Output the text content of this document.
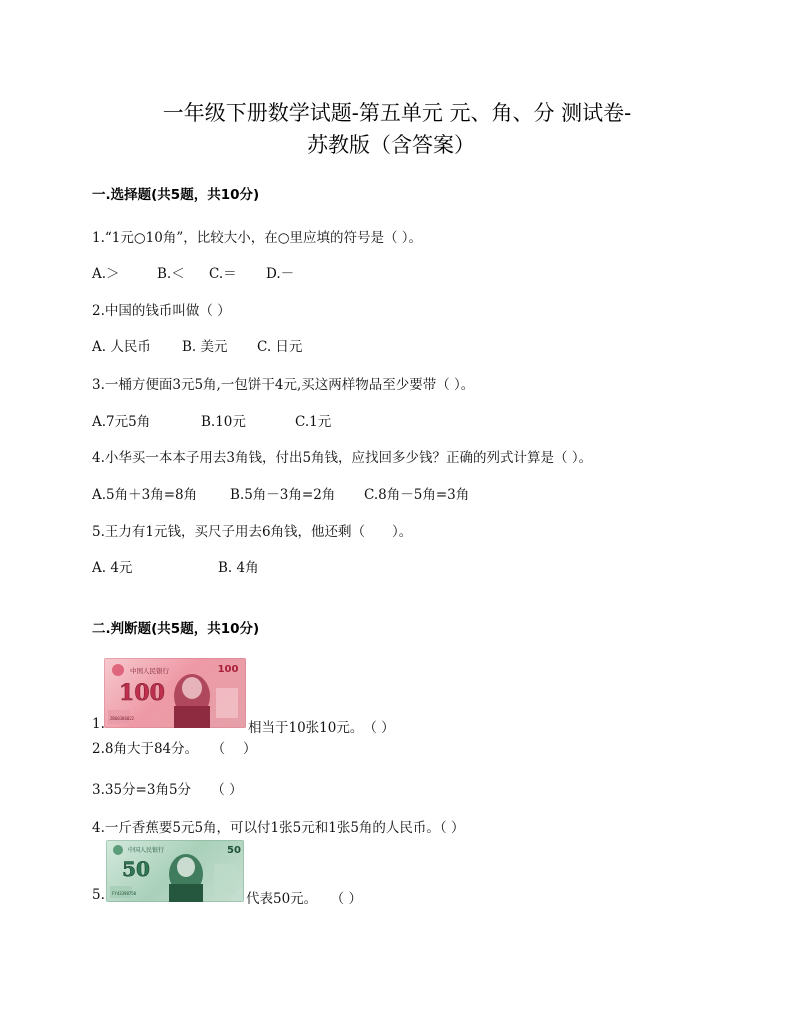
一年级下册数学试题-第五单元 元、角、分 测试卷-
苏教版（含答案）
一.选择题(共5题，共10分)
1.“1元○10角”，比较大小，在○里应填的符号是（ ）。
A.＞	B.＜ C.＝ D.－
2.中国的钱币叫做（ ）
A. 人民币 B. 美元 C. 日元
3.一桶方便面3元5角,一包饼干4元,买这两样物品至少要带（ ）。
A.7元5角	B.10元	C.1元
4.小华买一本本子用去3角钱，付出5角钱，应找回多少钱？正确的列式计算是（ ）。
A.5角＋3角=8角 B.5角－3角=2角 C.8角－5角=3角
5.王力有1元钱，买尺子用去6角钱，他还剩（　　）。
A. 4元	B. 4角
二.判断题(共5题，共10分)
中国人民银行	100
100
ZB60386022
1.	相当于10张10元。　（ ）
2.8角大于84分。　　（　 ）
3.35分=3角5分　　（ ）
4.一斤香蕉要5元5角，可以付1张5元和1张5角的人民币。（ ）
中国人民银行	50
50
FY43398750
5.	代表50元。　　（ ）
